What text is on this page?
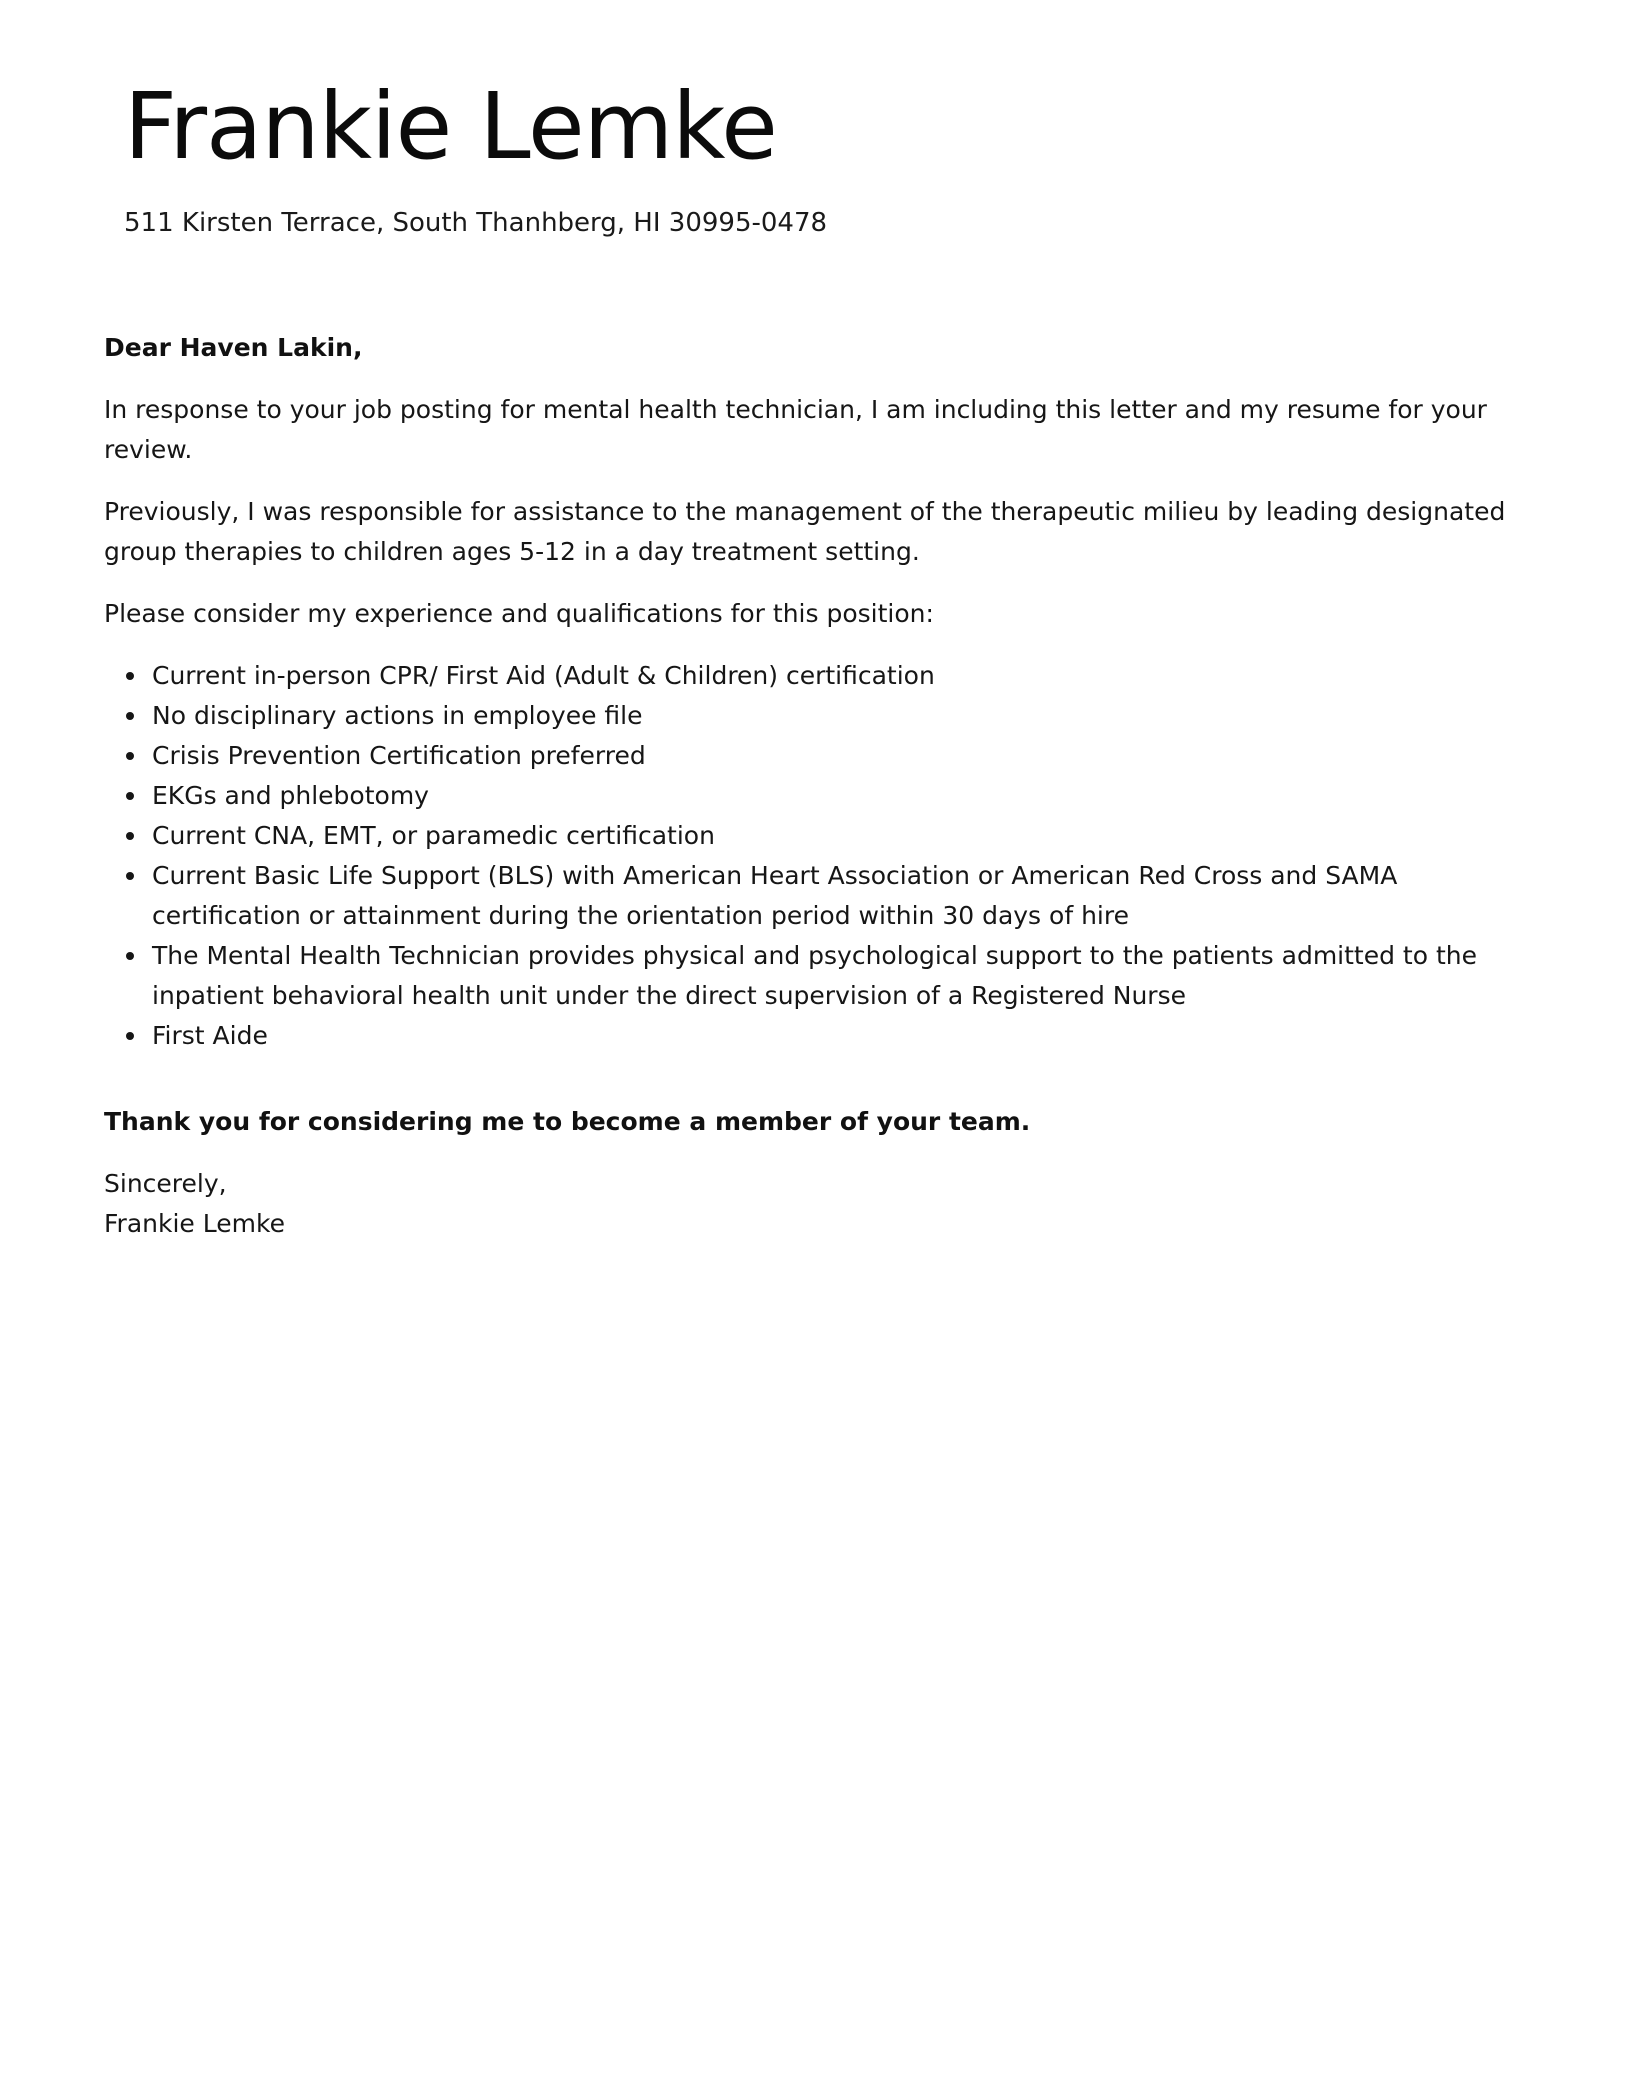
Frankie Lemke
511 Kirsten Terrace, South Thanhberg, HI 30995-0478

Dear Haven Lakin,

In response to your job posting for mental health technician, I am including this letter and my resume for your review.

Previously, I was responsible for assistance to the management of the therapeutic milieu by leading designated group therapies to children ages 5-12 in a day treatment setting.

Please consider my experience and qualifications for this position:

Current in-person CPR/ First Aid (Adult & Children) certification
No disciplinary actions in employee file
Crisis Prevention Certification preferred
EKGs and phlebotomy
Current CNA, EMT, or paramedic certification
Current Basic Life Support (BLS) with American Heart Association or American Red Cross and SAMA certification or attainment during the orientation period within 30 days of hire
The Mental Health Technician provides physical and psychological support to the patients admitted to the inpatient behavioral health unit under the direct supervision of a Registered Nurse
First Aide

Thank you for considering me to become a member of your team.

Sincerely,
Frankie Lemke
